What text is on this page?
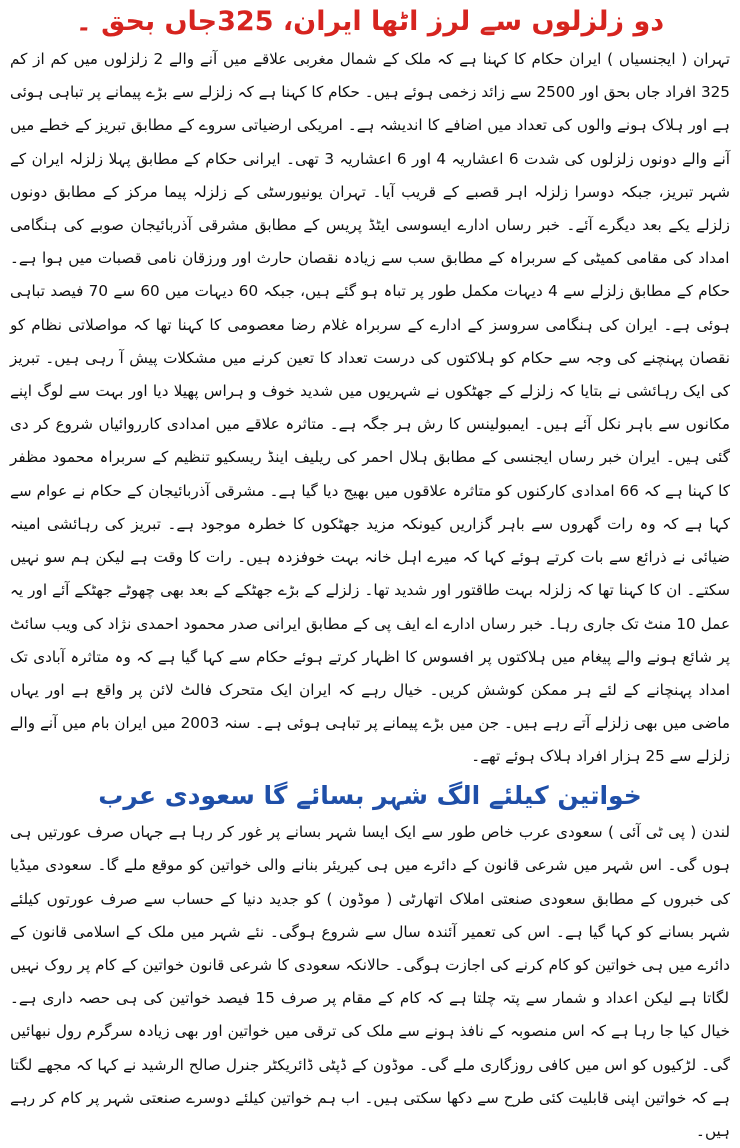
دو زلزلوں سے لرز اٹھا ایران، 325جاں بحق ۔

تہران ( ایجنسیاں ) ایران حکام کا کہنا ہے کہ ملک کے شمال مغربی علاقے میں آنے والے 2 زلزلوں میں کم از کم 325 افراد جاں بحق اور 2500 سے زائد زخمی ہوئے ہیں۔ حکام کا کہنا ہے کہ زلزلے سے بڑے پیمانے پر تباہی ہوئی ہے اور ہلاک ہونے والوں کی تعداد میں اضافے کا اندیشہ ہے۔ امریکی ارضیاتی سروے کے مطابق تبریز کے خطے میں آنے والے دونوں زلزلوں کی شدت 6 اعشاریہ 4 اور 6 اعشاریہ 3 تھی۔ ایرانی حکام کے مطابق پہلا زلزلہ ایران کے شہر تبریز، جبکہ دوسرا زلزلہ اہر قصبے کے قریب آیا۔ تہران یونیورسٹی کے زلزلہ پیما مرکز کے مطابق دونوں زلزلے یکے بعد دیگرے آئے۔ خبر رساں ادارے ایسوسی ایٹڈ پریس کے مطابق مشرقی آذربائیجان صوبے کی ہنگامی امداد کی مقامی کمیٹی کے سربراہ کے مطابق سب سے زیادہ نقصان حارث اور ورزقان نامی قصبات میں ہوا ہے۔ حکام کے مطابق زلزلے سے 4 دیہات مکمل طور پر تباہ ہو گئے ہیں، جبکہ 60 دیہات میں 60 سے 70 فیصد تباہی ہوئی ہے۔ ایران کی ہنگامی سروسز کے ادارے کے سربراہ غلام رضا معصومی کا کہنا تھا کہ مواصلاتی نظام کو نقصان پہنچنے کی وجہ سے حکام کو ہلاکتوں کی درست تعداد کا تعین کرنے میں مشکلات پیش آ رہی ہیں۔ تبریز کی ایک رہائشی نے بتایا کہ زلزلے کے جھٹکوں نے شہریوں میں شدید خوف و ہراس پھیلا دیا اور بہت سے لوگ اپنے مکانوں سے باہر نکل آئے ہیں۔ ایمبولینس کا رش ہر جگہ ہے۔ متاثرہ علاقے میں امدادی کارروائیاں شروع کر دی گئی ہیں۔ ایران خبر رساں ایجنسی کے مطابق ہلال احمر کی ریلیف اینڈ ریسکیو تنظیم کے سربراہ محمود مظفر کا کہنا ہے کہ 66 امدادی کارکنوں کو متاثرہ علاقوں میں بھیج دیا گیا ہے۔ مشرقی آذربائیجان کے حکام نے عوام سے کہا ہے کہ وہ رات گھروں سے باہر گزاریں کیونکہ مزید جھٹکوں کا خطرہ موجود ہے۔ تبریز کی رہائشی امینہ ضیائی نے ذرائع سے بات کرتے ہوئے کہا کہ میرے اہل خانہ بہت خوفزدہ ہیں۔ رات کا وقت ہے لیکن ہم سو نہیں سکتے۔ ان کا کہنا تھا کہ زلزلہ بہت طاقتور اور شدید تھا۔ زلزلے کے بڑے جھٹکے کے بعد بھی چھوٹے جھٹکے آئے اور یہ عمل 10 منٹ تک جاری رہا۔ خبر رساں ادارے اے ایف پی کے مطابق ایرانی صدر محمود احمدی نژاد کی ویب سائٹ پر شائع ہونے والے پیغام میں ہلاکتوں پر افسوس کا اظہار کرتے ہوئے حکام سے کہا گیا ہے کہ وہ متاثرہ آبادی تک امداد پہنچانے کے لئے ہر ممکن کوشش کریں۔ خیال رہے کہ ایران ایک متحرک فالٹ لائن پر واقع ہے اور یہاں ماضی میں بھی زلزلے آتے رہے ہیں۔ جن میں بڑے پیمانے پر تباہی ہوئی ہے۔ سنہ 2003 میں ایران بام میں آنے والے زلزلے سے 25 ہزار افراد ہلاک ہوئے تھے۔

خواتین کیلئے الگ شہر بسائے گا سعودی عرب

لندن ( پی ٹی آئی ) سعودی عرب خاص طور سے ایک ایسا شہر بسانے پر غور کر رہا ہے جہاں صرف عورتیں ہی ہوں گی۔ اس شہر میں شرعی قانون کے دائرے میں ہی کیریئر بنانے والی خواتین کو موقع ملے گا۔ سعودی میڈیا کی خبروں کے مطابق سعودی صنعتی املاک اتھارٹی ( موڈون ) کو جدید دنیا کے حساب سے صرف عورتوں کیلئے شہر بسانے کو کہا گیا ہے۔ اس کی تعمیر آئندہ سال سے شروع ہوگی۔ نئے شہر میں ملک کے اسلامی قانون کے دائرے میں ہی خواتین کو کام کرنے کی اجازت ہوگی۔ حالانکہ سعودی کا شرعی قانون خواتین کے کام پر روک نہیں لگاتا ہے لیکن اعداد و شمار سے پتہ چلتا ہے کہ کام کے مقام پر صرف 15 فیصد خواتین کی ہی حصہ داری ہے۔ خیال کیا جا رہا ہے کہ اس منصوبہ کے نافذ ہونے سے ملک کی ترقی میں خواتین اور بھی زیادہ سرگرم رول نبھائیں گی۔ لڑکیوں کو اس میں کافی روزگاری ملے گی۔ موڈون کے ڈپٹی ڈائریکٹر جنرل صالح الرشید نے کہا کہ مجھے لگتا ہے کہ خواتین اپنی قابلیت کئی طرح سے دکھا سکتی ہیں۔ اب ہم خواتین کیلئے دوسرے صنعتی شہر پر کام کر رہے ہیں۔
